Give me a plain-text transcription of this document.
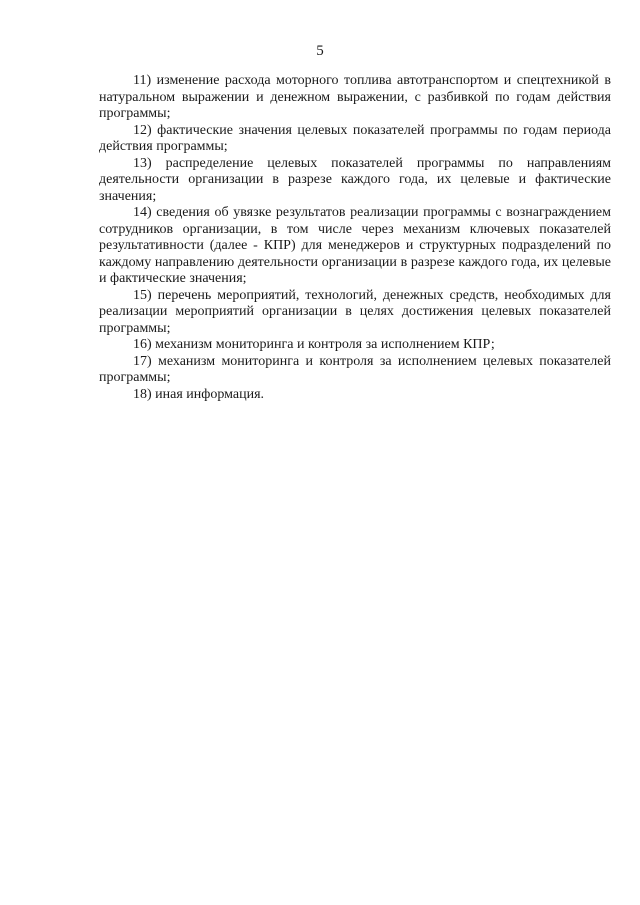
5

11) изменение расхода моторного топлива автотранспортом и спецтехникой в натуральном выражении и денежном выражении, с разбивкой по годам действия программы;

12) фактические значения целевых показателей программы по годам периода действия программы;

13) распределение целевых показателей программы по направлениям деятельности организации в разрезе каждого года, их целевые и фактические значения;

14) сведения об увязке результатов реализации программы с вознаграждением сотрудников организации, в том числе через механизм ключевых показателей результативности (далее - КПР) для менеджеров и структурных подразделений по каждому направлению деятельности организации в разрезе каждого года, их целевые и фактические значения;

15) перечень мероприятий, технологий, денежных средств, необходимых для реализации мероприятий организации в целях достижения целевых показателей программы;

16) механизм мониторинга и контроля за исполнением КПР;

17) механизм мониторинга и контроля за исполнением целевых показателей программы;

18) иная информация.
